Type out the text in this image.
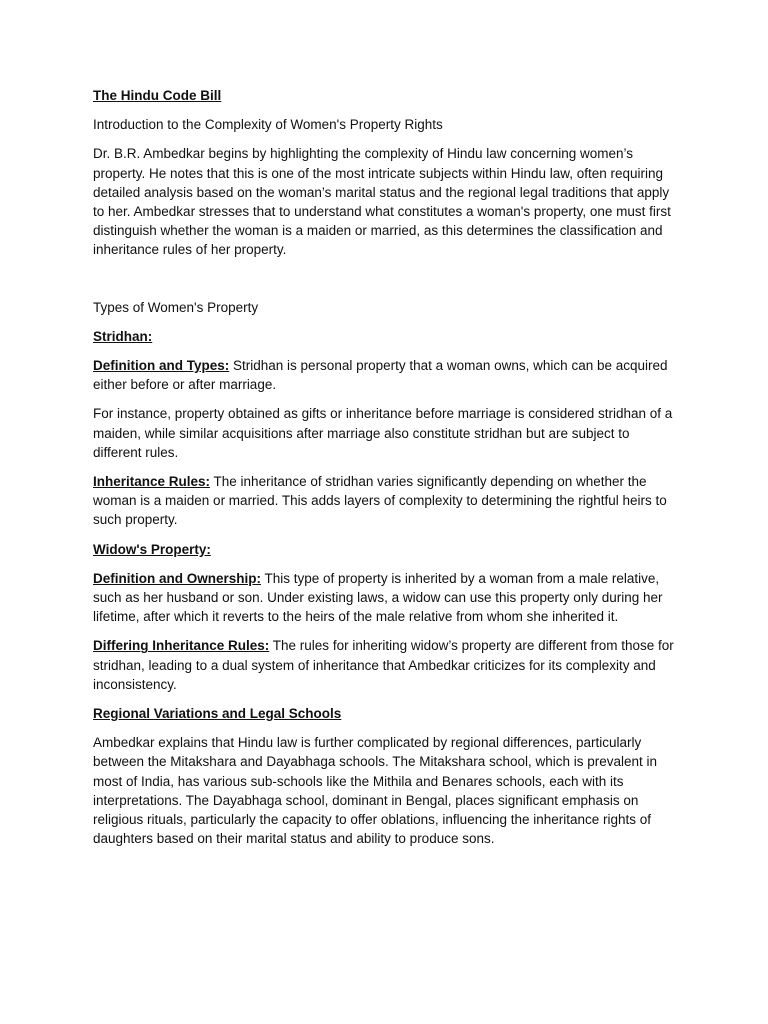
The Hindu Code Bill

Introduction to the Complexity of Women's Property Rights

Dr. B.R. Ambedkar begins by highlighting the complexity of Hindu law concerning women’s property. He notes that this is one of the most intricate subjects within Hindu law, often requiring detailed analysis based on the woman’s marital status and the regional legal traditions that apply to her. Ambedkar stresses that to understand what constitutes a woman's property, one must first distinguish whether the woman is a maiden or married, as this determines the classification and inheritance rules of her property.

Types of Women's Property

Stridhan:

Definition and Types: Stridhan is personal property that a woman owns, which can be acquired either before or after marriage.

For instance, property obtained as gifts or inheritance before marriage is considered stridhan of a maiden, while similar acquisitions after marriage also constitute stridhan but are subject to different rules.

Inheritance Rules: The inheritance of stridhan varies significantly depending on whether the woman is a maiden or married. This adds layers of complexity to determining the rightful heirs to such property.

Widow's Property:

Definition and Ownership: This type of property is inherited by a woman from a male relative, such as her husband or son. Under existing laws, a widow can use this property only during her lifetime, after which it reverts to the heirs of the male relative from whom she inherited it.

Differing Inheritance Rules: The rules for inheriting widow’s property are different from those for stridhan, leading to a dual system of inheritance that Ambedkar criticizes for its complexity and inconsistency.

Regional Variations and Legal Schools

Ambedkar explains that Hindu law is further complicated by regional differences, particularly between the Mitakshara and Dayabhaga schools. The Mitakshara school, which is prevalent in most of India, has various sub-schools like the Mithila and Benares schools, each with its interpretations. The Dayabhaga school, dominant in Bengal, places significant emphasis on religious rituals, particularly the capacity to offer oblations, influencing the inheritance rights of daughters based on their marital status and ability to produce sons.
